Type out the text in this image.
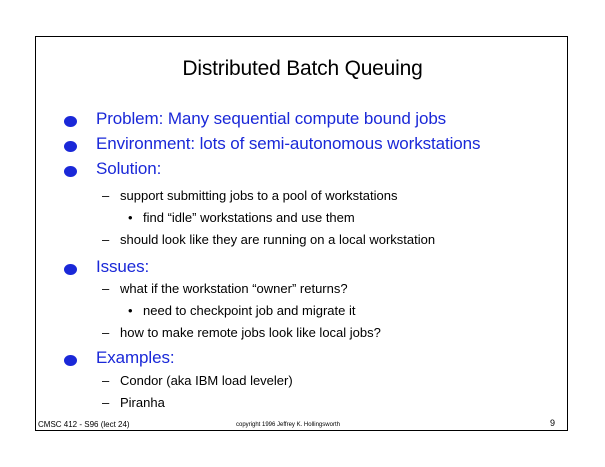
Distributed Batch Queuing
Problem: Many sequential compute bound jobs
Environment: lots of semi-autonomous workstations
Solution:
– support submitting jobs to a pool of workstations
• find “idle” workstations and use them
– should look like they are running on a local workstation
Issues:
– what if the workstation “owner” returns?
• need to checkpoint job and migrate it
– how to make remote jobs look like local jobs?
Examples:
– Condor (aka IBM load leveler)
– Piranha
CMSC 412 - S96 (lect 24)	copyright 1996 Jeffrey K. Hollingsworth	9
